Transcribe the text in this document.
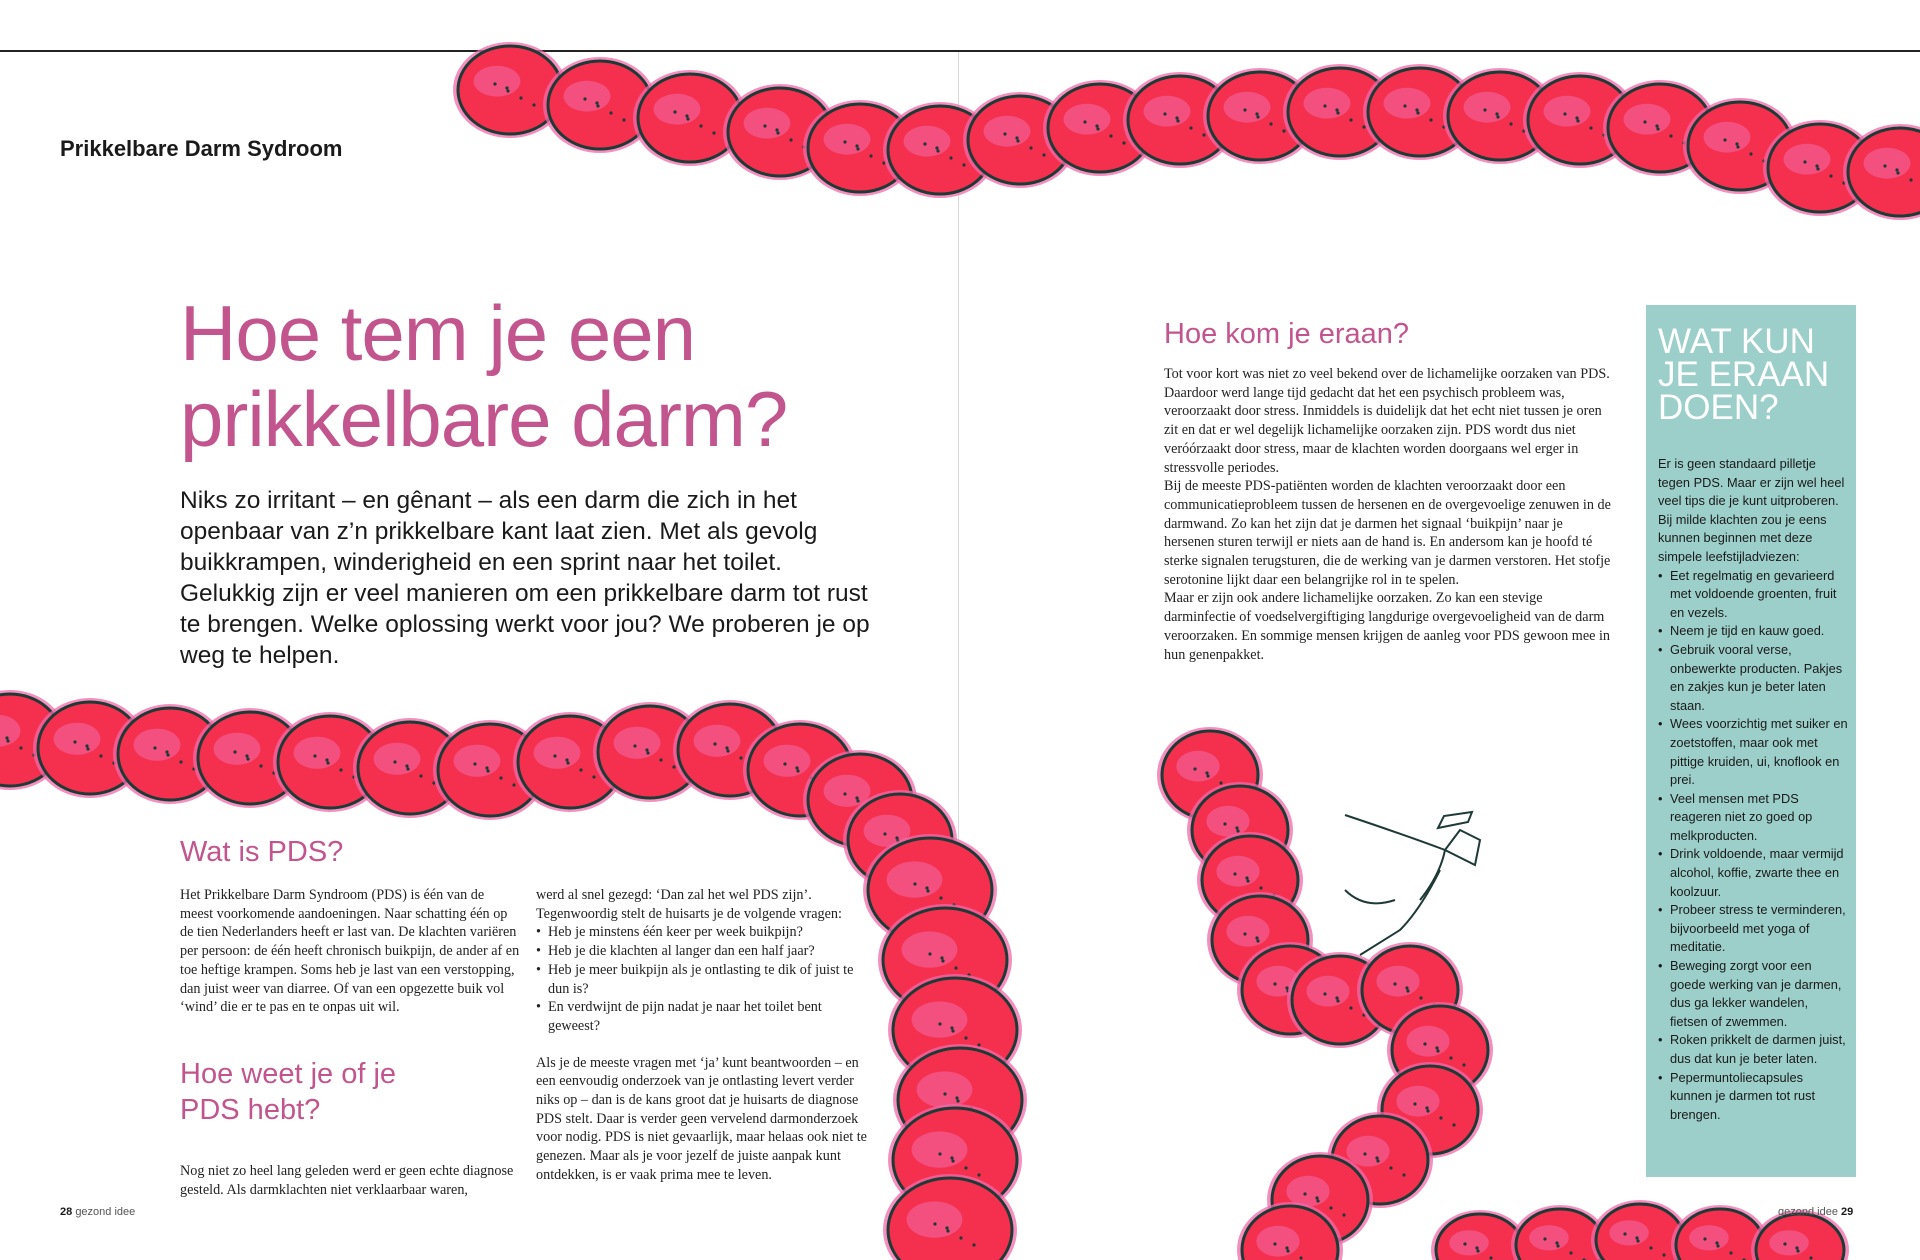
Prikkelbare Darm Sydroom
Hoe tem je een prikkelbare darm?

Niks zo irritant – en gênant – als een darm die zich in het openbaar van z’n prikkelbare kant laat zien. Met als gevolg buikkrampen, winderigheid en een sprint naar het toilet. Gelukkig zijn er veel manieren om een prikkelbare darm tot rust te brengen. Welke oplossing werkt voor jou? We proberen je op weg te helpen.

Wat is PDS?

Het Prikkelbare Darm Syndroom (PDS) is één van de meest voorkomende aandoeningen. Naar schatting één op de tien Nederlanders heeft er last van. De klachten variëren per persoon: de één heeft chronisch buikpijn, de ander af en toe heftige krampen. Soms heb je last van een verstopping, dan juist weer van diarree. Of van een opgezette buik vol ‘wind’ die er te pas en te onpas uit wil.

Hoe weet je of je PDS hebt?

Nog niet zo heel lang geleden werd er geen echte diagnose gesteld. Als darmklachten niet verklaarbaar waren,

werd al snel gezegd: ‘Dan zal het wel PDS zijn’. Tegenwoordig stelt de huisarts je de volgende vragen:

• Heb je minstens één keer per week buikpijn?
• Heb je die klachten al langer dan een half jaar?
• Heb je meer buikpijn als je ontlasting te dik of juist te dun is?
• En verdwijnt de pijn nadat je naar het toilet bent geweest?

Als je de meeste vragen met ‘ja’ kunt beantwoorden – en een eenvoudig onderzoek van je ontlasting levert verder niks op – dan is de kans groot dat je huisarts de diagnose PDS stelt. Daar is verder geen vervelend darmonderzoek voor nodig. PDS is niet gevaarlijk, maar helaas ook niet te genezen. Maar als je voor jezelf de juiste aanpak kunt ontdekken, is er vaak prima mee te leven.

Hoe kom je eraan?

Tot voor kort was niet zo veel bekend over de lichamelijke oorzaken van PDS. Daardoor werd lange tijd gedacht dat het een psychisch probleem was, veroorzaakt door stress. Inmiddels is duidelijk dat het echt niet tussen je oren zit en dat er wel degelijk lichamelijke oorzaken zijn. PDS wordt dus niet veróórzaakt door stress, maar de klachten worden doorgaans wel erger in stressvolle periodes.

Bij de meeste PDS-patiënten worden de klachten veroorzaakt door een communicatieprobleem tussen de hersenen en de overgevoelige zenuwen in de darmwand. Zo kan het zijn dat je darmen het signaal ‘buikpijn’ naar je hersenen sturen terwijl er niets aan de hand is. En andersom kan je hoofd té sterke signalen terugsturen, die de werking van je darmen verstoren. Het stofje serotonine lijkt daar een belangrijke rol in te spelen.

Maar er zijn ook andere lichamelijke oorzaken. Zo kan een stevige darminfectie of voedselvergiftiging langdurige overgevoeligheid van de darm veroorzaken. En sommige mensen krijgen de aanleg voor PDS gewoon mee in hun genenpakket.

WAT KUN JE ERAAN DOEN?

Er is geen standaard pilletje tegen PDS. Maar er zijn wel heel veel tips die je kunt uitproberen. Bij milde klachten zou je eens kunnen beginnen met deze simpele leefstijladviezen:

• Eet regelmatig en gevarieerd met voldoende groenten, fruit en vezels.
• Neem je tijd en kauw goed.
• Gebruik vooral verse, onbewerkte producten. Pakjes en zakjes kun je beter laten staan.
• Wees voorzichtig met suiker en zoetstoffen, maar ook met pittige kruiden, ui, knoflook en prei.
• Veel mensen met PDS reageren niet zo goed op melkproducten.
• Drink voldoende, maar vermijd alcohol, koffie, zwarte thee en koolzuur.
• Probeer stress te verminderen, bijvoorbeeld met yoga of meditatie.
• Beweging zorgt voor een goede werking van je darmen, dus ga lekker wandelen, fietsen of zwemmen.
• Roken prikkelt de darmen juist, dus dat kun je beter laten.
• Pepermuntoliecapsules kunnen je darmen tot rust brengen.
28 gezond idee	gezond idee 29
